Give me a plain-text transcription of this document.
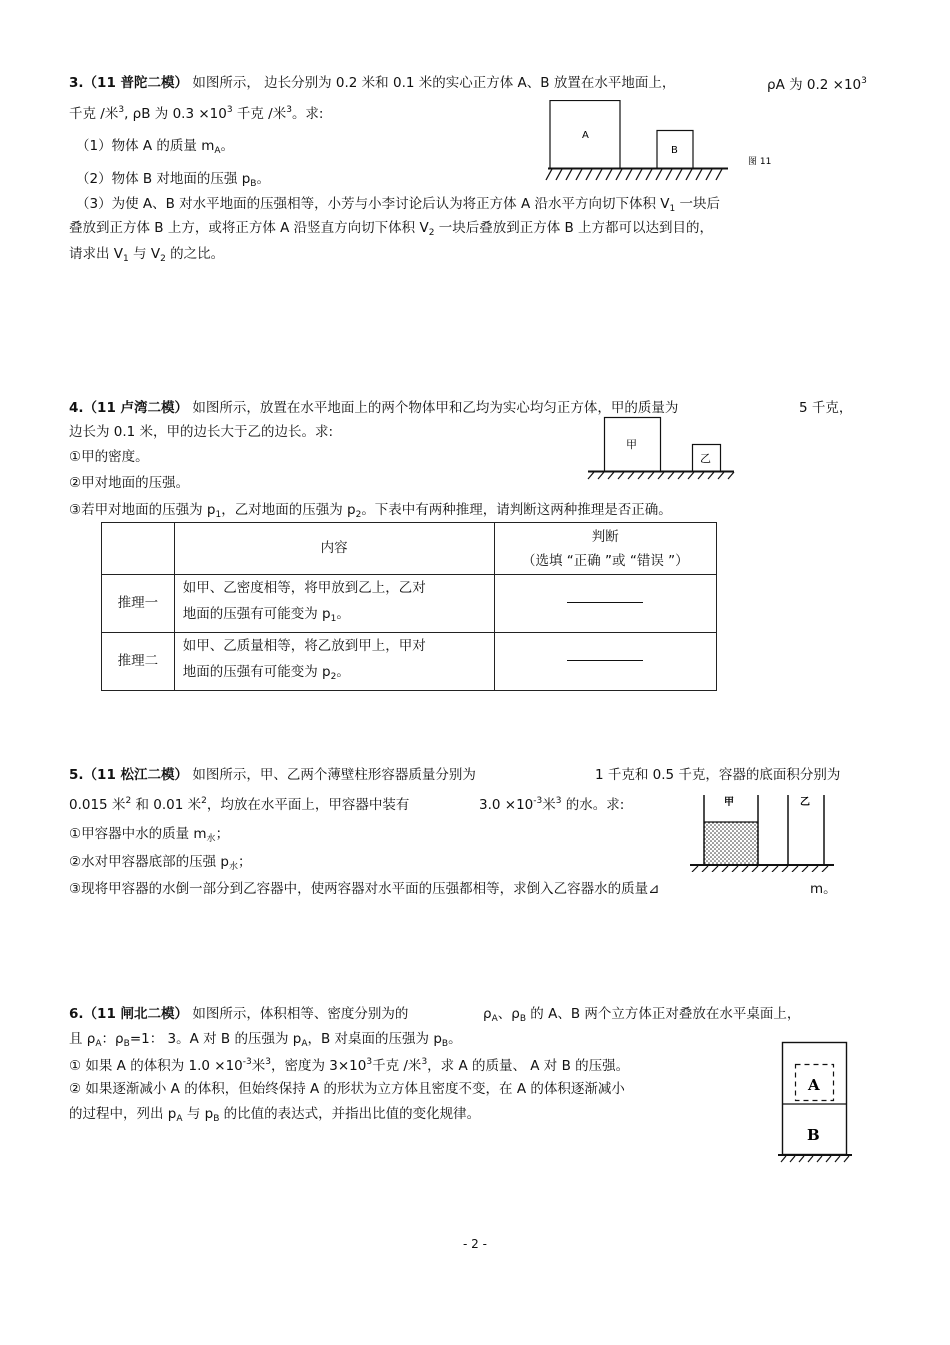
3.（11 普陀二模） 如图所示， 边长分别为 0.2 米和 0.1 米的实心正方体 A、B 放置在水平地面上，	ρA 为 $0.2 \times 10^3$
千克 /米$^3$, ρB 为 $0.3 \times 10^3$ 千克 /米$^3$。求:
（1）物体 A 的质量 $m_A$。
（2）物体 B 对地面的压强 $p_B$。
（3）为使 A、B 对水平地面的压强相等，小芳与小李讨论后认为将正方体 A 沿水平方向切下体积 $V_1$ 一块后
叠放到正方体 B 上方，或将正方体 A 沿竖直方向切下体积 $V_2$ 一块后叠放到正方体 B 上方都可以达到目的，
请求出 $V_1$ 与 $V_2$ 的之比。
A
B
图 11
4.（11 卢湾二模） 如图所示，放置在水平地面上的两个物体甲和乙均为实心均匀正方体，甲的质量为	5 千克，
边长为 0.1 米，甲的边长大于乙的边长。求:
①甲的密度。
②甲对地面的压强。
③若甲对地面的压强为 $p_1$，乙对地面的压强为 $p_2$。下表中有两种推理，请判断这两种推理是否正确。
甲
乙
	内容	判断
（选填 “正确 ”或 “错误 ”）

推理一	如甲、乙密度相等，将甲放到乙上，乙对
地面的压强有可能变为 $p_1$。	

推理二	如甲、乙质量相等，将乙放到甲上，甲对
地面的压强有可能变为 $p_2$。	

5.（11 松江二模） 如图所示，甲、乙两个薄壁柱形容器质量分别为	1 千克和 0.5 千克，容器的底面积分别为
0.015 米$^2$ 和 0.01 米$^2$，均放在水平面上，甲容器中装有	$3.0 \times 10^{-3}$米$^3$ 的水。求:
①甲容器中水的质量 $m_水$；
②水对甲容器底部的压强 $p_水$；
③现将甲容器的水倒一部分到乙容器中，使两容器对水平面的压强都相等，求倒入乙容器水的质量⊿	m。
甲	乙
6.（11 闸北二模） 如图所示，体积相等、密度分别为的	$\rho_A$、$\rho_B$ 的 A、B 两个立方体正对叠放在水平桌面上，
且 $\rho_A$：$\rho_B=1$： 3。A 对 B 的压强为 $p_A$，B 对桌面的压强为 $p_B$。
① 如果 A 的体积为 $1.0 \times 10^{-3}$米$^3$，密度为 $3\times 10^3$千克 /米$^3$，求 A 的质量、 A 对 B 的压强。
② 如果逐渐减小 A 的体积，但始终保持 A 的形状为立方体且密度不变，在 A 的体积逐渐减小
的过程中，列出 $p_A$ 与 $p_B$ 的比值的表达式，并指出比值的变化规律。
A
B
- 2 -
